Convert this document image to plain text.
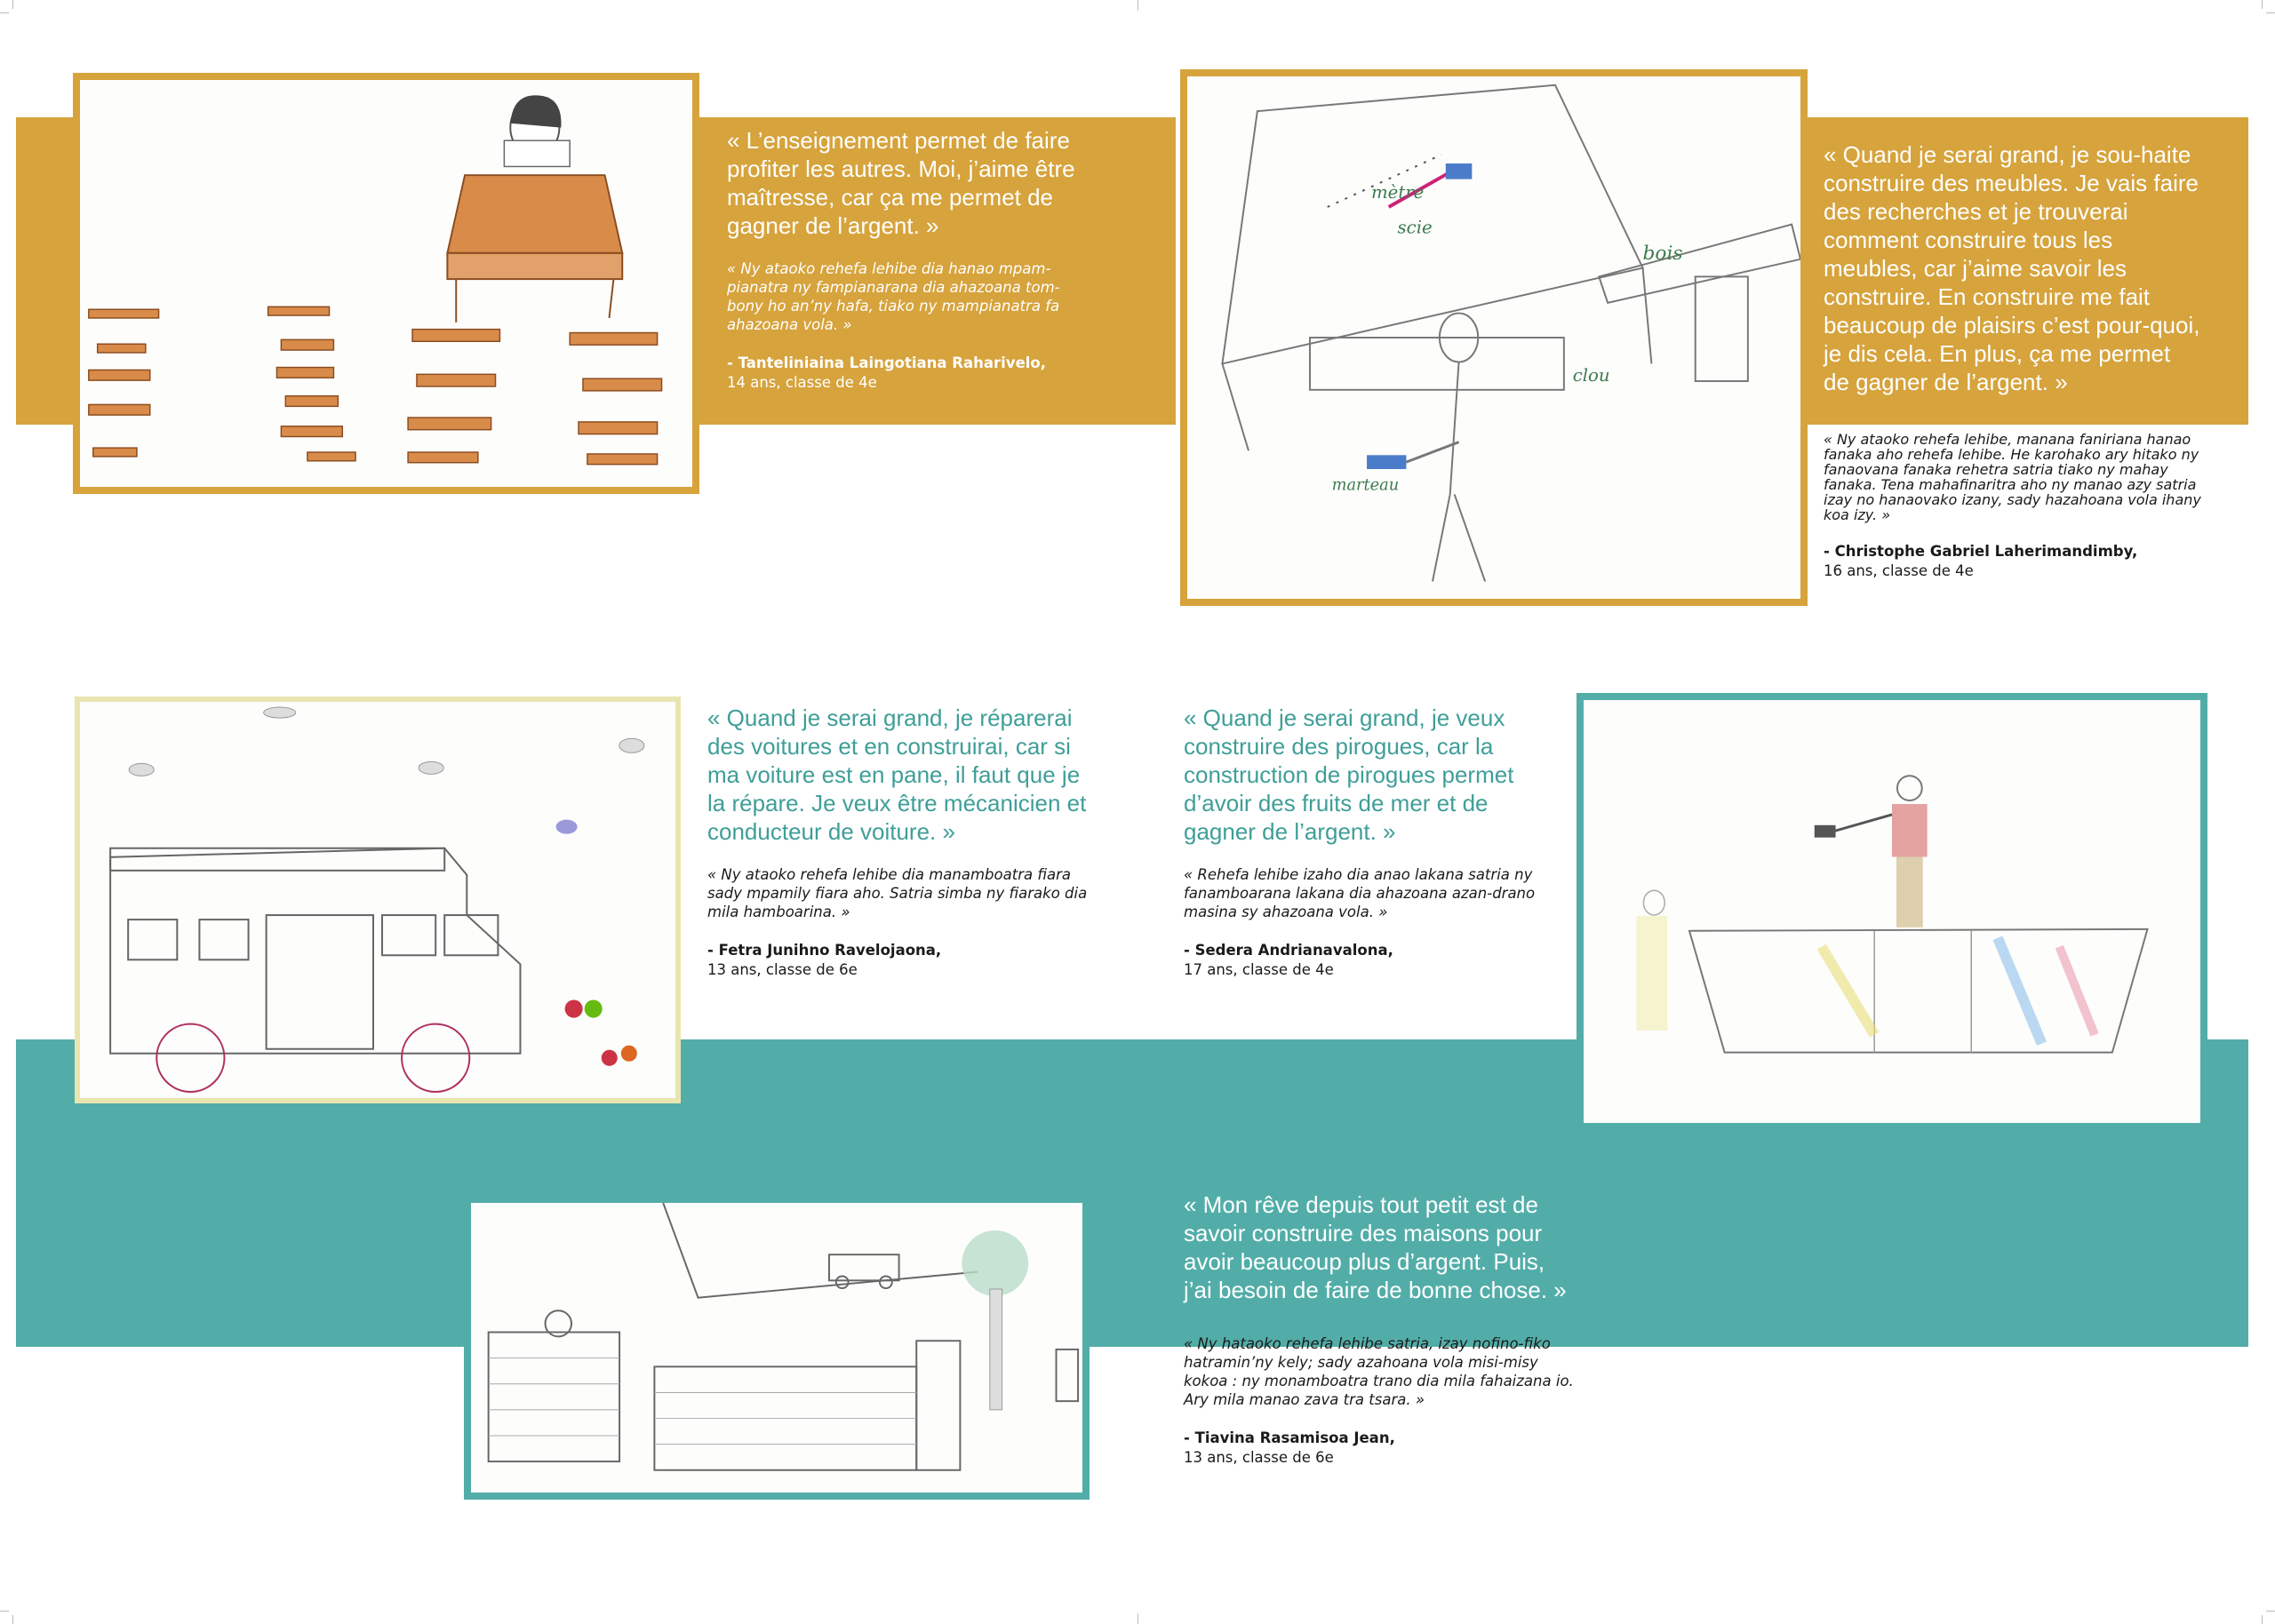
« L’enseignement permet de faire profiter les autres. Moi, j’aime être maîtresse, car ça me permet de gagner de l’argent. »

« Ny ataoko rehefa lehibe dia hanao mpam-pianatra ny fampianarana dia ahazoana tom-bony ho an’ny hafa, tiako ny mampianatra fa ahazoana vola. »

- Tanteliniaina Laingotiana Raharivelo,

14 ans, classe de 4e

mètre
scie
bois
clou
marteau

« Quand je serai grand, je sou-haite construire des meubles. Je vais faire des recherches et je trouverai comment construire tous les meubles, car j’aime savoir les construire. En construire me fait beaucoup de plaisirs c’est pour-quoi, je dis cela. En plus, ça me permet de gagner de l’argent. »

« Ny ataoko rehefa lehibe, manana faniriana hanao fanaka aho rehefa lehibe. He karohako ary hitako ny fanaovana fanaka rehetra satria tiako ny mahay fanaka. Tena mahafinaritra aho ny manao azy satria izay no hanaovako izany, sady hazahoana vola ihany koa izy. »

- Christophe Gabriel Laherimandimby,

16 ans, classe de 4e

« Quand je serai grand, je réparerai des voitures et en construirai, car si ma voiture est en pane, il faut que je la répare. Je veux être mécanicien et conducteur de voiture. »

« Ny ataoko rehefa lehibe dia manamboatra fiara sady mpamily fiara aho. Satria simba ny fiarako dia mila hamboarina. »

- Fetra Junihno Ravelojaona,

13 ans, classe de 6e

« Quand je serai grand, je veux construire des pirogues, car la construction de pirogues permet d’avoir des fruits de mer et de gagner de l’argent. »

« Rehefa lehibe izaho dia anao lakana satria ny fanamboarana lakana dia ahazoana azan-drano masina sy ahazoana vola. »

- Sedera Andrianavalona,

17 ans, classe de 4e

« Mon rêve depuis tout petit est de savoir construire des maisons pour avoir beaucoup plus d’argent. Puis, j’ai besoin de faire de bonne chose. »

« Ny hataoko rehefa lehibe satria, izay nofino-fiko hatramin’ny kely; sady azahoana vola misi-misy kokoa : ny monamboatra trano dia mila fahaizana io. Ary mila manao zava tra tsara. »

- Tiavina Rasamisoa Jean,

13 ans, classe de 6e
